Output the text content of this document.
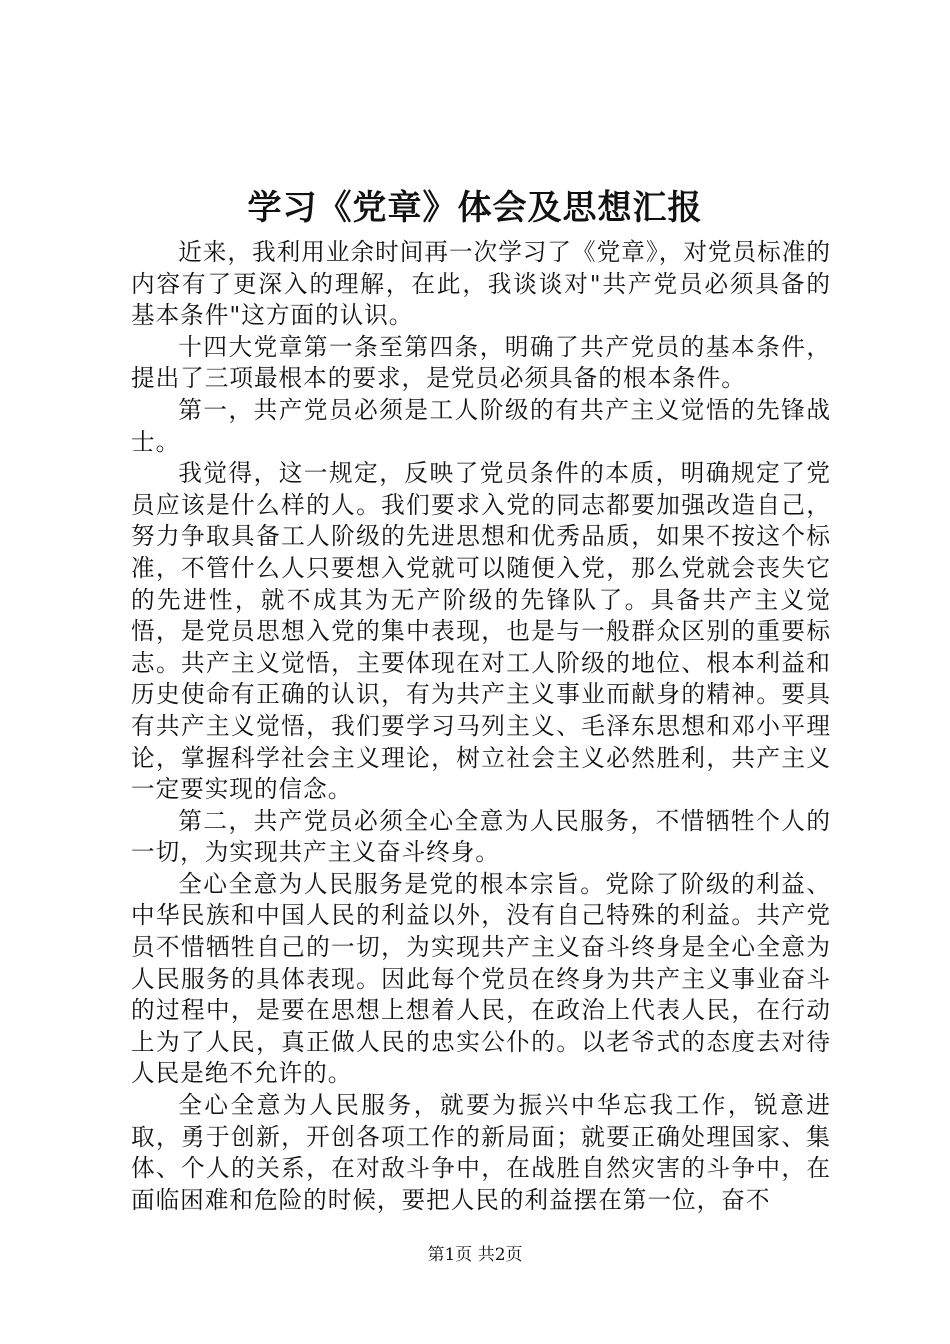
学习《党章》体会及思想汇报

近来，我利用业余时间再一次学习了《党章》，对党员标准的内容有了更深入的理解，在此，我谈谈对"共产党员必须具备的基本条件"这方面的认识。

十四大党章第一条至第四条，明确了共产党员的基本条件，提出了三项最根本的要求，是党员必须具备的根本条件。

第一，共产党员必须是工人阶级的有共产主义觉悟的先锋战士。

我觉得，这一规定，反映了党员条件的本质，明确规定了党员应该是什么样的人。我们要求入党的同志都要加强改造自己，努力争取具备工人阶级的先进思想和优秀品质，如果不按这个标准，不管什么人只要想入党就可以随便入党，那么党就会丧失它的先进性，就不成其为无产阶级的先锋队了。具备共产主义觉悟，是党员思想入党的集中表现，也是与一般群众区别的重要标志。共产主义觉悟，主要体现在对工人阶级的地位、根本利益和历史使命有正确的认识，有为共产主义事业而献身的精神。要具有共产主义觉悟，我们要学习马列主义、毛泽东思想和邓小平理论，掌握科学社会主义理论，树立社会主义必然胜利，共产主义一定要实现的信念。

第二，共产党员必须全心全意为人民服务，不惜牺牲个人的一切，为实现共产主义奋斗终身。

全心全意为人民服务是党的根本宗旨。党除了阶级的利益、中华民族和中国人民的利益以外，没有自己特殊的利益。共产党员不惜牺牲自己的一切，为实现共产主义奋斗终身是全心全意为人民服务的具体表现。因此每个党员在终身为共产主义事业奋斗的过程中，是要在思想上想着人民，在政治上代表人民，在行动上为了人民，真正做人民的忠实公仆的。以老爷式的态度去对待人民是绝不允许的。

全心全意为人民服务，就要为振兴中华忘我工作，锐意进取，勇于创新，开创各项工作的新局面；就要正确处理国家、集体、个人的关系，在对敌斗争中，在战胜自然灾害的斗争中，在面临困难和危险的时候，要把人民的利益摆在第一位，奋不

第1页 共2页
